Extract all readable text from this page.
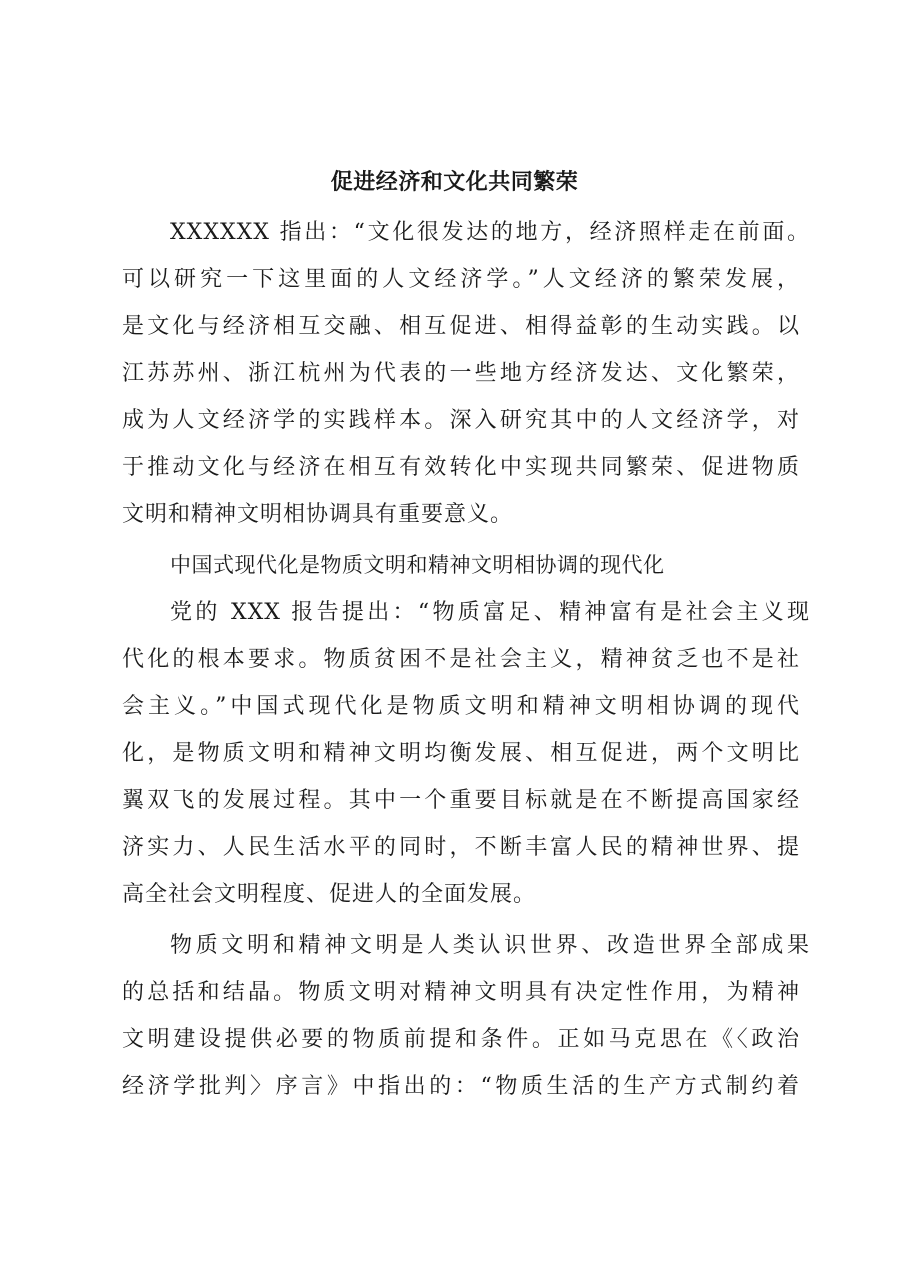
促进经济和文化共同繁荣
XXXXXX 指出：“文化很发达的地方，经济照样走在前面。
可以研究一下这里面的人文经济学。”人文经济的繁荣发展，
是文化与经济相互交融、相互促进、相得益彰的生动实践。以
江苏苏州、浙江杭州为代表的一些地方经济发达、文化繁荣，
成为人文经济学的实践样本。深入研究其中的人文经济学，对
于推动文化与经济在相互有效转化中实现共同繁荣、促进物质
文明和精神文明相协调具有重要意义。
中国式现代化是物质文明和精神文明相协调的现代化
党的 XXX 报告提出：“物质富足、精神富有是社会主义现
代化的根本要求。物质贫困不是社会主义，精神贫乏也不是社
会主义。”中国式现代化是物质文明和精神文明相协调的现代
化，是物质文明和精神文明均衡发展、相互促进，两个文明比
翼双飞的发展过程。其中一个重要目标就是在不断提高国家经
济实力、人民生活水平的同时，不断丰富人民的精神世界、提
高全社会文明程度、促进人的全面发展。
物质文明和精神文明是人类认识世界、改造世界全部成果
的总括和结晶。物质文明对精神文明具有决定性作用，为精神
文明建设提供必要的物质前提和条件。正如马克思在《〈政治
经济学批判〉序言》中指出的：“物质生活的生产方式制约着
